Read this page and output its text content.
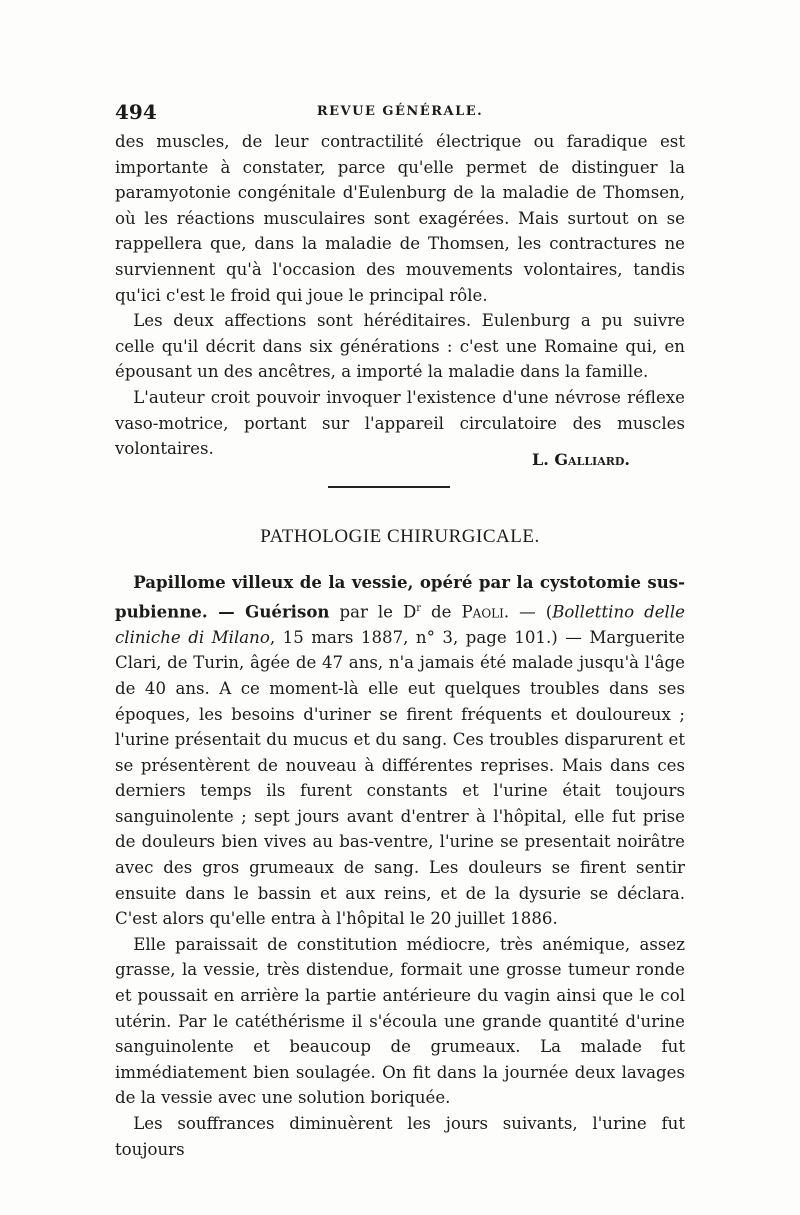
494	REVUE GÉNÉRALE.

des muscles, de leur contractilité électrique ou faradique est importante à constater, parce qu'elle permet de distinguer la paramyotonie congénitale d'Eulenburg de la maladie de Thomsen, où les réactions musculaires sont exagérées. Mais surtout on se rappellera que, dans la maladie de Thomsen, les contractures ne surviennent qu'à l'occasion des mouvements volontaires, tandis qu'ici c'est le froid qui joue le principal rôle.

Les deux affections sont héréditaires. Eulenburg a pu suivre celle qu'il décrit dans six générations : c'est une Romaine qui, en épousant un des ancêtres, a importé la maladie dans la famille.

L'auteur croit pouvoir invoquer l'existence d'une névrose réflexe vaso-motrice, portant sur l'appareil circulatoire des muscles volontaires.

L. Galliard.
PATHOLOGIE CHIRURGICALE.

Papillome villeux de la vessie, opéré par la cystotomie sus-pubienne. — Guérison par le $D^r$ de Paoli. — (Bollettino delle cliniche di Milano, 15 mars 1887, n° 3, page 101.) — Marguerite Clari, de Turin, âgée de 47 ans, n'a jamais été malade jusqu'à l'âge de 40 ans. A ce moment-là elle eut quelques troubles dans ses époques, les besoins d'uriner se firent fréquents et douloureux ; l'urine présentait du mucus et du sang. Ces troubles disparurent et se présentèrent de nouveau à différentes reprises. Mais dans ces derniers temps ils furent constants et l'urine était toujours sanguinolente ; sept jours avant d'entrer à l'hôpital, elle fut prise de douleurs bien vives au bas-ventre, l'urine se presentait noirâtre avec des gros grumeaux de sang. Les douleurs se firent sentir ensuite dans le bassin et aux reins, et de la dysurie se déclara. C'est alors qu'elle entra à l'hôpital le 20 juillet 1886.

Elle paraissait de constitution médiocre, très anémique, assez grasse, la vessie, très distendue, formait une grosse tumeur ronde et poussait en arrière la partie antérieure du vagin ainsi que le col utérin. Par le catéthérisme il s'écoula une grande quantité d'urine sanguinolente et beaucoup de grumeaux. La malade fut immédiatement bien soulagée. On fit dans la journée deux lavages de la vessie avec une solution boriquée.

Les souffrances diminuèrent les jours suivants, l'urine fut toujours
